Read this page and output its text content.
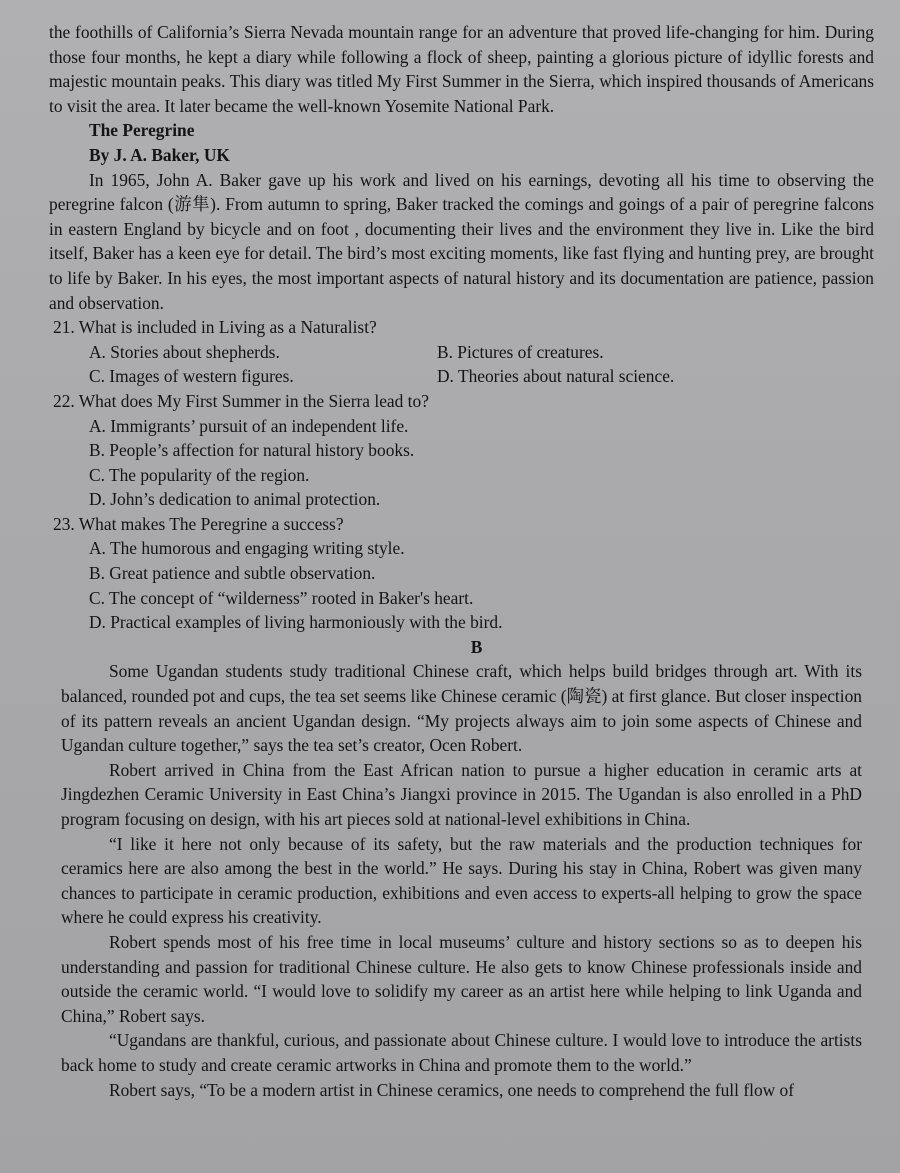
the foothills of California’s Sierra Nevada mountain range for an adventure that proved life-changing for him. During those four months, he kept a diary while following a flock of sheep, painting a glorious picture of idyllic forests and majestic mountain peaks. This diary was titled My First Summer in the Sierra, which inspired thousands of Americans to visit the area. It later became the well-known Yosemite National Park.

The Peregrine
By J. A. Baker, UK

In 1965, John A. Baker gave up his work and lived on his earnings, devoting all his time to observing the peregrine falcon (游隼). From autumn to spring, Baker tracked the comings and goings of a pair of peregrine falcons in eastern England by bicycle and on foot , documenting their lives and the environment they live in. Like the bird itself, Baker has a keen eye for detail. The bird’s most exciting moments, like fast flying and hunting prey, are brought to life by Baker. In his eyes, the most important aspects of natural history and its documentation are patience, passion and observation.

21. What is included in Living as a Naturalist?
A. Stories about shepherds.	B. Pictures of creatures.
C. Images of western figures.	D. Theories about natural science.
22. What does My First Summer in the Sierra lead to?
A. Immigrants’ pursuit of an independent life.
B. People’s affection for natural history books.
C. The popularity of the region.
D. John’s dedication to animal protection.
23. What makes The Peregrine a success?
A. The humorous and engaging writing style.
B. Great patience and subtle observation.
C. The concept of “wilderness” rooted in Baker's heart.
D. Practical examples of living harmoniously with the bird.
B

Some Ugandan students study traditional Chinese craft, which helps build bridges through art. With its balanced, rounded pot and cups, the tea set seems like Chinese ceramic (陶瓷) at first glance. But closer inspection of its pattern reveals an ancient Ugandan design. “My projects always aim to join some aspects of Chinese and Ugandan culture together,” says the tea set’s creator, Ocen Robert.

Robert arrived in China from the East African nation to pursue a higher education in ceramic arts at Jingdezhen Ceramic University in East China’s Jiangxi province in 2015. The Ugandan is also enrolled in a PhD program focusing on design, with his art pieces sold at national-level exhibitions in China.

“I like it here not only because of its safety, but the raw materials and the production techniques for ceramics here are also among the best in the world.” He says. During his stay in China, Robert was given many chances to participate in ceramic production, exhibitions and even access to experts-all helping to grow the space where he could express his creativity.

Robert spends most of his free time in local museums’ culture and history sections so as to deepen his understanding and passion for traditional Chinese culture. He also gets to know Chinese professionals inside and outside the ceramic world. “I would love to solidify my career as an artist here while helping to link Uganda and China,” Robert says.

“Ugandans are thankful, curious, and passionate about Chinese culture. I would love to introduce the artists back home to study and create ceramic artworks in China and promote them to the world.”

Robert says, “To be a modern artist in Chinese ceramics, one needs to comprehend the full flow of
